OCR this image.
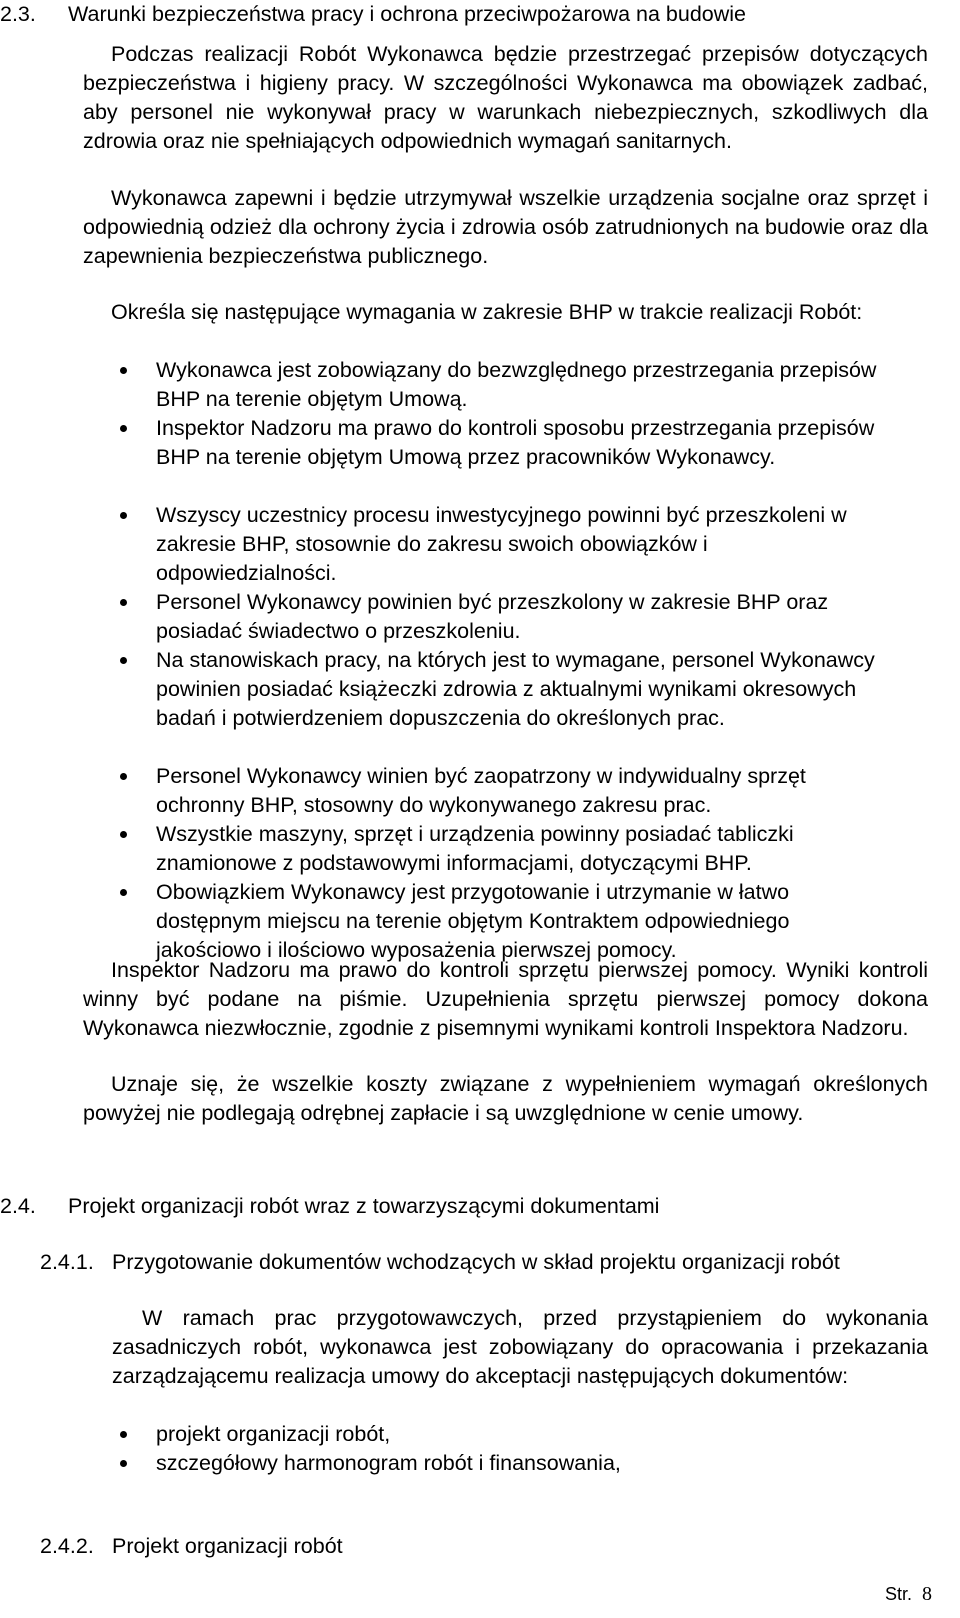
2.3. Warunki bezpieczeństwa pracy i ochrona przeciwpożarowa na budowie
Podczas realizacji Robót Wykonawca będzie przestrzegać przepisów dotyczących bezpieczeństwa i higieny pracy. W szczególności Wykonawca ma obowiązek zadbać, aby personel nie wykonywał pracy w warunkach niebezpiecznych, szkodliwych dla zdrowia oraz nie spełniających odpowiednich wymagań sanitarnych.
Wykonawca zapewni i będzie utrzymywał wszelkie urządzenia socjalne oraz sprzęt i odpowiednią odzież dla ochrony życia i zdrowia osób zatrudnionych na budowie oraz dla zapewnienia bezpieczeństwa publicznego.
Określa się następujące wymagania w zakresie BHP w trakcie realizacji Robót:
Wykonawca jest zobowiązany do bezwzględnego przestrzegania przepisów BHP na terenie objętym Umową.
Inspektor Nadzoru ma prawo do kontroli sposobu przestrzegania przepisów BHP na terenie objętym Umową przez pracowników Wykonawcy.
Wszyscy uczestnicy procesu inwestycyjnego powinni być przeszkoleni w zakresie BHP, stosownie do zakresu swoich obowiązków i odpowiedzialności.
Personel Wykonawcy powinien być przeszkolony w zakresie BHP oraz posiadać świadectwo o przeszkoleniu.
Na stanowiskach pracy, na których jest to wymagane, personel Wykonawcy powinien posiadać książeczki zdrowia z aktualnymi wynikami okresowych badań i potwierdzeniem dopuszczenia do określonych prac.
Personel Wykonawcy winien być zaopatrzony w indywidualny sprzęt ochronny BHP, stosowny do wykonywanego zakresu prac.
Wszystkie maszyny, sprzęt i urządzenia powinny posiadać tabliczki znamionowe z podstawowymi informacjami, dotyczącymi BHP.
Obowiązkiem Wykonawcy jest przygotowanie i utrzymanie w łatwo dostępnym miejscu na terenie objętym Kontraktem odpowiedniego jakościowo i ilościowo wyposażenia pierwszej pomocy.
Inspektor Nadzoru ma prawo do kontroli sprzętu pierwszej pomocy. Wyniki kontroli winny być podane na piśmie. Uzupełnienia sprzętu pierwszej pomocy dokona Wykonawca niezwłocznie, zgodnie z pisemnymi wynikami kontroli Inspektora Nadzoru.
Uznaje się, że wszelkie koszty związane z wypełnieniem wymagań określonych powyżej nie podlegają odrębnej zapłacie i są uwzględnione w cenie umowy.
2.4. Projekt organizacji robót wraz z towarzyszącymi dokumentami
2.4.1. Przygotowanie dokumentów wchodzących w skład projektu organizacji robót
W ramach prac przygotowawczych, przed przystąpieniem do wykonania zasadniczych robót, wykonawca jest zobowiązany do opracowania i przekazania zarządzającemu realizacja umowy do akceptacji następujących dokumentów:
projekt organizacji robót,
szczegółowy harmonogram robót i finansowania,
2.4.2. Projekt organizacji robót
Str. 8
